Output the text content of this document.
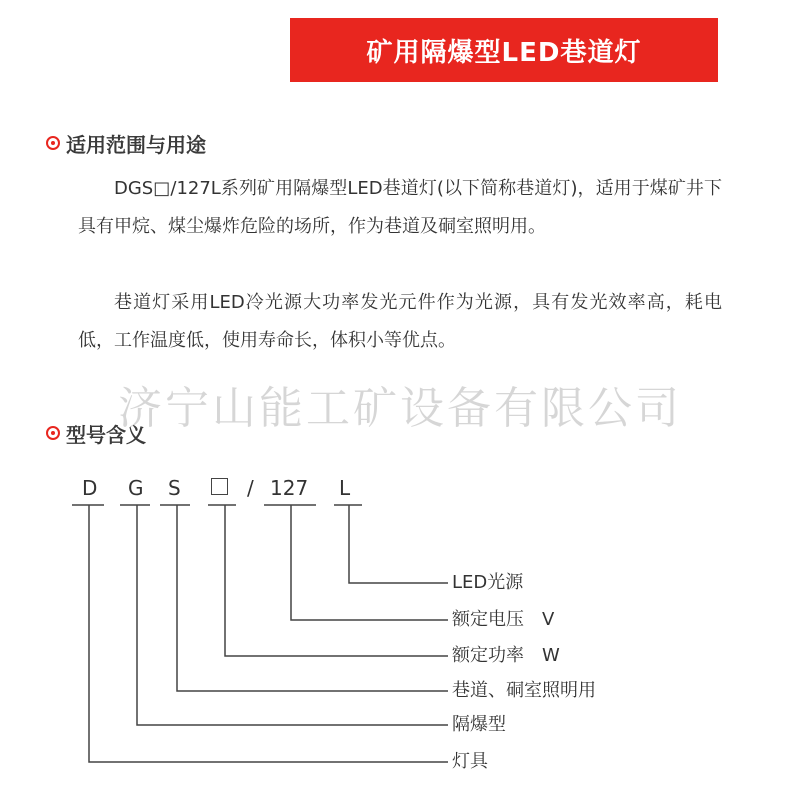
矿用隔爆型LED巷道灯
适用范围与用途

DGS□/127L系列矿用隔爆型LED巷道灯(以下简称巷道灯)，适用于煤矿井下具有甲烷、煤尘爆炸危险的场所，作为巷道及硐室照明用。

巷道灯采用LED冷光源大功率发光元件作为光源，具有发光效率高，耗电低，工作温度低，使用寿命长，体积小等优点。

济宁山能工矿设备有限公司
型号含义
D G S	/ 127 L
LED光源
额定电压　V
额定功率　W
巷道、硐室照明用
隔爆型
灯具
